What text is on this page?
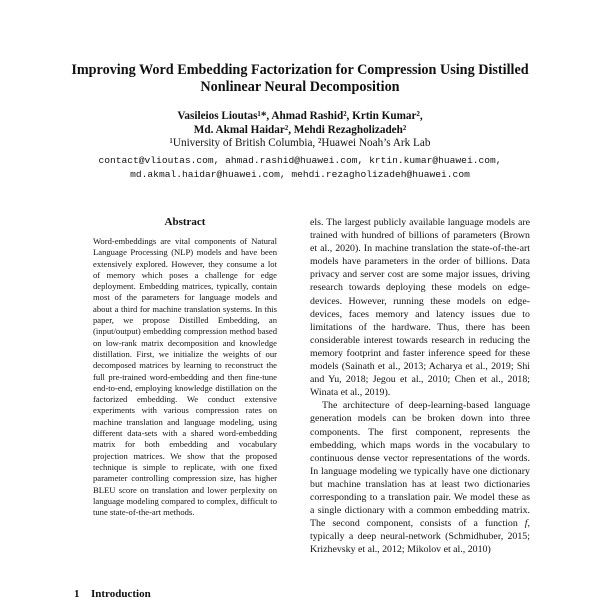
Improving Word Embedding Factorization for Compression Using Distilled Nonlinear Neural Decomposition
Vasileios Lioutas¹*, Ahmad Rashid², Krtin Kumar²,
Md. Akmal Haidar², Mehdi Rezagholizadeh²
¹University of British Columbia, ²Huawei Noah’s Ark Lab
contact@vlioutas.com, ahmad.rashid@huawei.com, krtin.kumar@huawei.com,
md.akmal.haidar@huawei.com, mehdi.rezagholizadeh@huawei.com
Abstract
Word-embeddings are vital components of Natural Language Processing (NLP) models and have been extensively explored. However, they consume a lot of memory which poses a challenge for edge deployment. Embedding matrices, typically, contain most of the parameters for language models and about a third for machine translation systems. In this paper, we propose Distilled Embedding, an (input/output) embedding compression method based on low-rank matrix decomposition and knowledge distillation. First, we initialize the weights of our decomposed matrices by learning to reconstruct the full pre-trained word-embedding and then fine-tune end-to-end, employing knowledge distillation on the factorized embedding. We conduct extensive experiments with various compression rates on machine translation and language modeling, using different data-sets with a shared word-embedding matrix for both embedding and vocabulary projection matrices. We show that the proposed technique is simple to replicate, with one fixed parameter controlling compression size, has higher BLEU score on translation and lower perplexity on language modeling compared to complex, difficult to tune state-of-the-art methods.
1 Introduction

els. The largest publicly available language models are trained with hundred of billions of parameters (Brown et al., 2020). In machine translation the state-of-the-art models have parameters in the order of billions. Data privacy and server cost are some major issues, driving research towards deploying these models on edge-devices. However, running these models on edge-devices, faces memory and latency issues due to limitations of the hardware. Thus, there has been considerable interest towards research in reducing the memory footprint and faster inference speed for these models (Sainath et al., 2013; Acharya et al., 2019; Shi and Yu, 2018; Jegou et al., 2010; Chen et al., 2018; Winata et al., 2019).

The architecture of deep-learning-based language generation models can be broken down into three components. The first component, represents the embedding, which maps words in the vocabulary to continuous dense vector representations of the words. In language modeling we typically have one dictionary but machine translation has at least two dictionaries corresponding to a translation pair. We model these as a single dictionary with a common embedding matrix. The second component, consists of a function f, typically a deep neural-network (Schmidhuber, 2015; Krizhevsky et al., 2012; Mikolov et al., 2010)
